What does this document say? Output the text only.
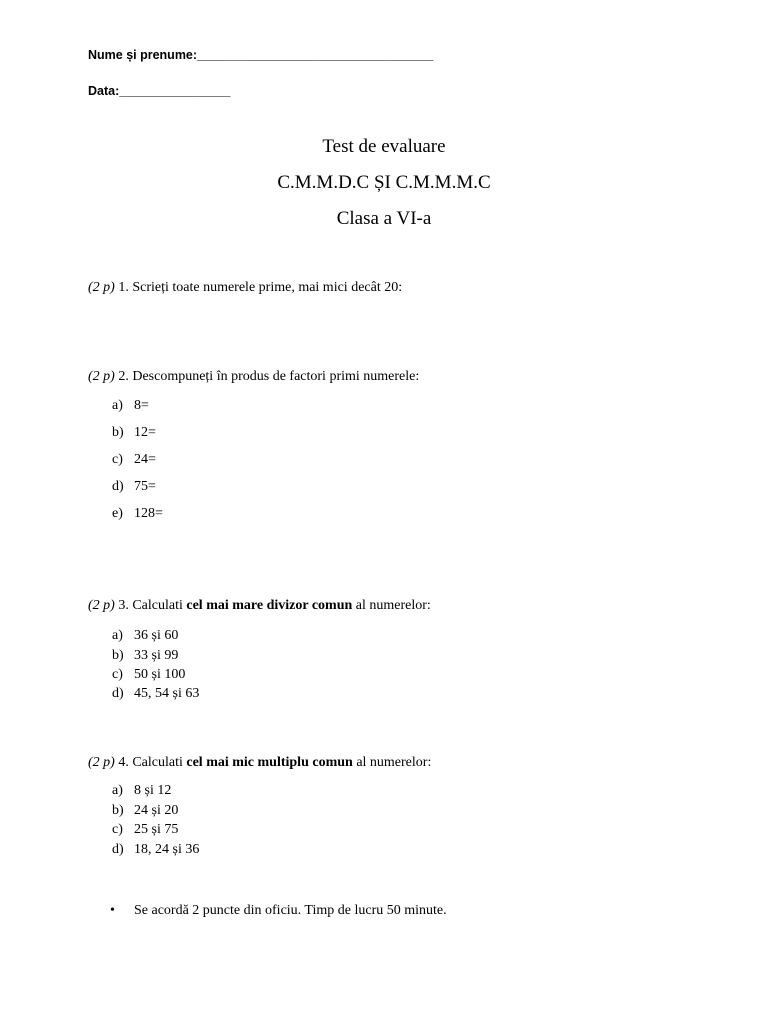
Nume și prenume:__________________________________
Data:________________
Test de evaluare
C.M.M.D.C ȘI C.M.M.M.C
Clasa a VI-a
(2 p) 1. Scrieți toate numerele prime, mai mici decât 20:
(2 p) 2. Descompuneți în produs de factori primi numerele:
a) 8=
b) 12=
c) 24=
d) 75=
e) 128=
(2 p) 3. Calculati cel mai mare divizor comun al numerelor:
a) 36 și 60
b) 33 și 99
c) 50 și 100
d) 45, 54 și 63
(2 p) 4. Calculati cel mai mic multiplu comun al numerelor:
a) 8 și 12
b) 24 și 20
c) 25 și 75
d) 18, 24 și 36
• Se acordă 2 puncte din oficiu. Timp de lucru 50 minute.
